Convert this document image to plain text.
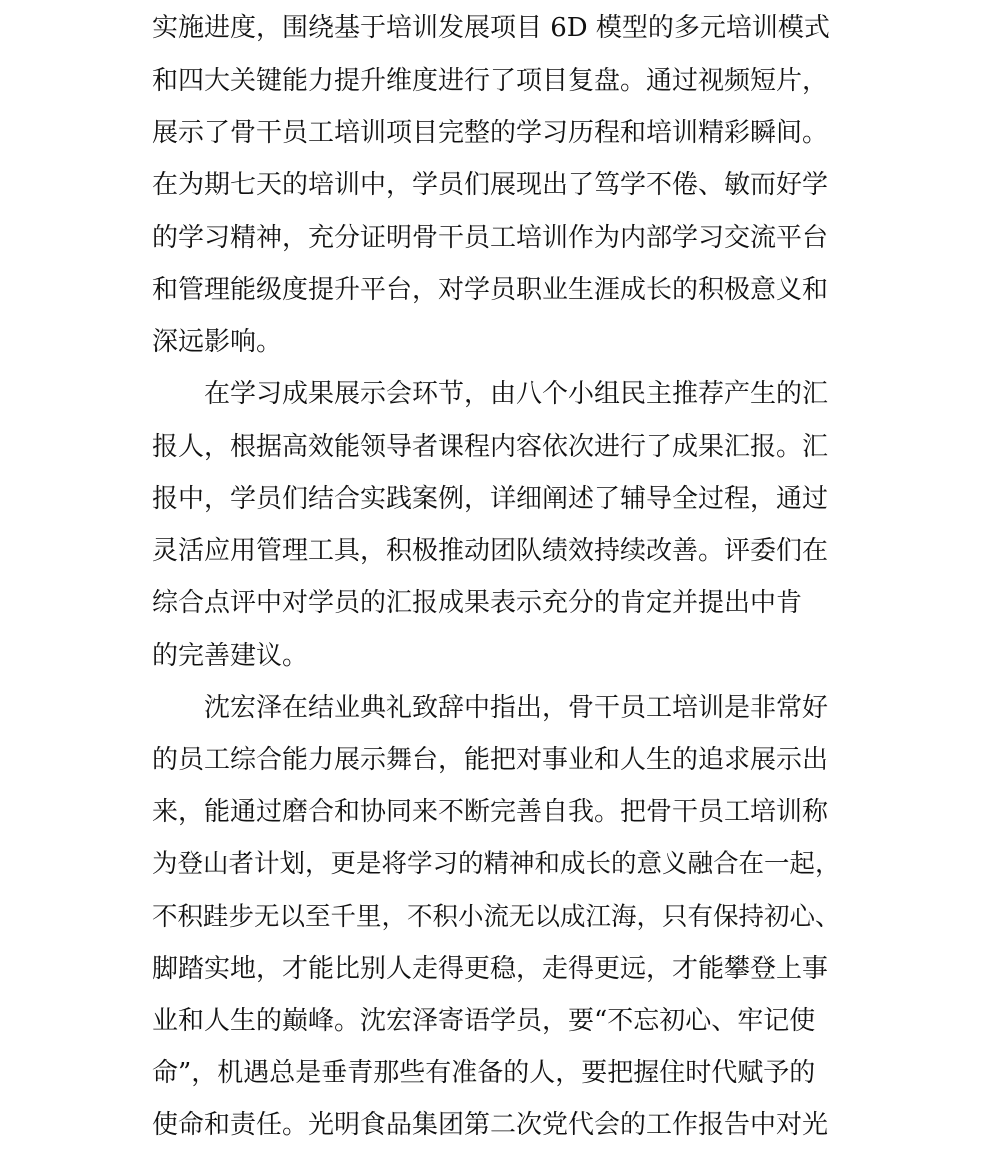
实施进度，围绕基于培训发展项目 6D 模型的多元培训模式
和四大关键能力提升维度进行了项目复盘。通过视频短片，
展示了骨干员工培训项目完整的学习历程和培训精彩瞬间。
在为期七天的培训中，学员们展现出了笃学不倦、敏而好学
的学习精神，充分证明骨干员工培训作为内部学习交流平台
和管理能级度提升平台，对学员职业生涯成长的积极意义和
深远影响。
在学习成果展示会环节，由八个小组民主推荐产生的汇
报人，根据高效能领导者课程内容依次进行了成果汇报。汇
报中，学员们结合实践案例，详细阐述了辅导全过程，通过
灵活应用管理工具，积极推动团队绩效持续改善。评委们在
综合点评中对学员的汇报成果表示充分的肯定并提出中肯
的完善建议。
沈宏泽在结业典礼致辞中指出，骨干员工培训是非常好
的员工综合能力展示舞台，能把对事业和人生的追求展示出
来，能通过磨合和协同来不断完善自我。把骨干员工培训称
为登山者计划，更是将学习的精神和成长的意义融合在一起，
不积跬步无以至千里，不积小流无以成江海，只有保持初心、
脚踏实地，才能比别人走得更稳，走得更远，才能攀登上事
业和人生的巅峰。沈宏泽寄语学员，要“不忘初心、牢记使
命”，机遇总是垂青那些有准备的人，要把握住时代赋予的
使命和责任。光明食品集团第二次党代会的工作报告中对光
